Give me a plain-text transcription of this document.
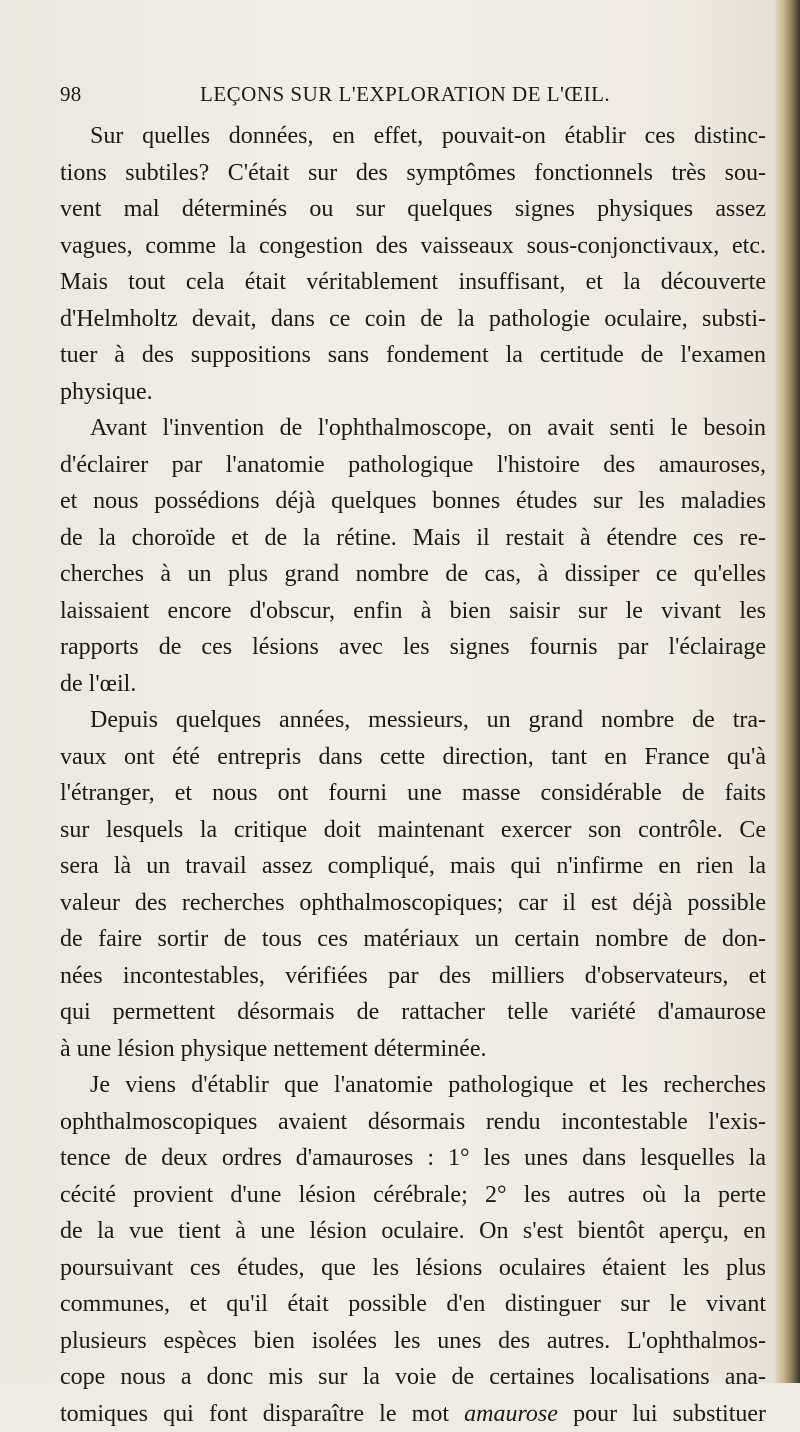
98	LEÇONS SUR L'EXPLORATION DE L'ŒIL.
Sur quelles données, en effet, pouvait-on établir ces distinc-
tions subtiles? C'était sur des symptômes fonctionnels très sou-
vent mal déterminés ou sur quelques signes physiques assez
vagues, comme la congestion des vaisseaux sous-conjonctivaux, etc.
Mais tout cela était véritablement insuffisant, et la découverte
d'Helmholtz devait, dans ce coin de la pathologie oculaire, substi-
tuer à des suppositions sans fondement la certitude de l'examen
physique.
Avant l'invention de l'ophthalmoscope, on avait senti le besoin
d'éclairer par l'anatomie pathologique l'histoire des amauroses,
et nous possédions déjà quelques bonnes études sur les maladies
de la choroïde et de la rétine. Mais il restait à étendre ces re-
cherches à un plus grand nombre de cas, à dissiper ce qu'elles
laissaient encore d'obscur, enfin à bien saisir sur le vivant les
rapports de ces lésions avec les signes fournis par l'éclairage
de l'œil.
Depuis quelques années, messieurs, un grand nombre de tra-
vaux ont été entrepris dans cette direction, tant en France qu'à
l'étranger, et nous ont fourni une masse considérable de faits
sur lesquels la critique doit maintenant exercer son contrôle. Ce
sera là un travail assez compliqué, mais qui n'infirme en rien la
valeur des recherches ophthalmoscopiques; car il est déjà possible
de faire sortir de tous ces matériaux un certain nombre de don-
nées incontestables, vérifiées par des milliers d'observateurs, et
qui permettent désormais de rattacher telle variété d'amaurose
à une lésion physique nettement déterminée.
Je viens d'établir que l'anatomie pathologique et les recherches
ophthalmoscopiques avaient désormais rendu incontestable l'exis-
tence de deux ordres d'amauroses : 1° les unes dans lesquelles la
cécité provient d'une lésion cérébrale; 2° les autres où la perte
de la vue tient à une lésion oculaire. On s'est bientôt aperçu, en
poursuivant ces études, que les lésions oculaires étaient les plus
communes, et qu'il était possible d'en distinguer sur le vivant
plusieurs espèces bien isolées les unes des autres. L'ophthalmos-
cope nous a donc mis sur la voie de certaines localisations ana-
tomiques qui font disparaître le mot amaurose pour lui substituer
